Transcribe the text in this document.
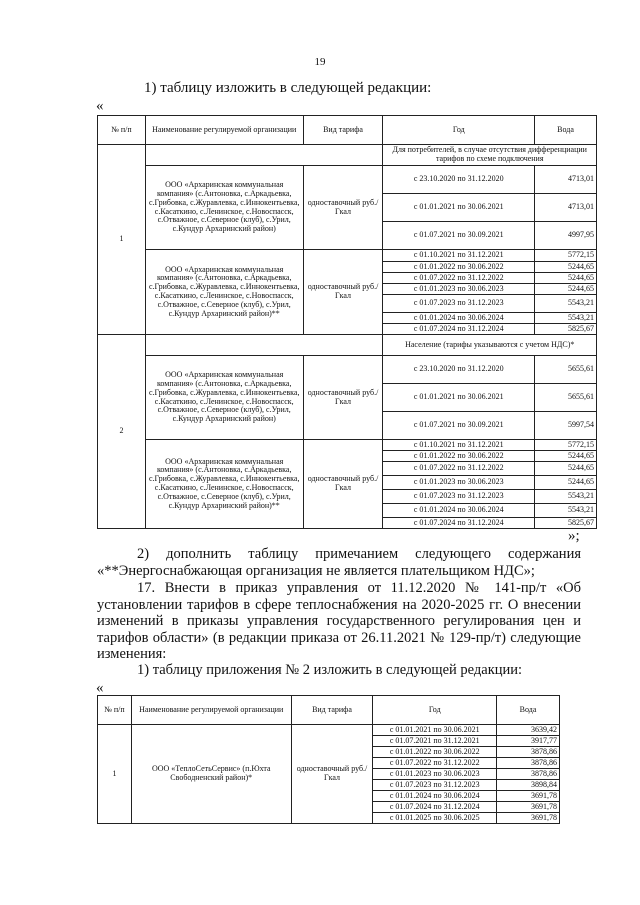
19
1) таблицу изложить в следующей редакции:
«
№ п/п	Наименование регулируемой организации	Вид тарифа	Год	Вода
1			Для потребителей, в случае отсутствия дифференциации тарифов по схеме подключения	
	ООО «Архаринская коммунальная компания» (с.Антоновка, с.Аркадьевка, с.Грибовка, с.Журавлевка, с.Иннокентьевка, с.Касаткино, с.Ленинское, с.Новоспасск, с.Отважное, с.Северное (клуб), с.Урил, с.Кундур Архаринский район)	одноставочный руб./Гкал	с 23.10.2020 по 31.12.2020	4713,01
			с 01.01.2021 по 30.06.2021	4713,01
			с 01.07.2021 по 30.09.2021	4997,95
	ООО «Архаринская коммунальная компания» (с.Антоновка, с.Аркадьевка, с.Грибовка, с.Журавлевка, с.Иннокентьевка, с.Касаткино, с.Ленинское, с.Новоспасск, с.Отважное, с.Северное (клуб), с.Урил, с.Кундур Архаринский район)**	одноставочный руб./Гкал	с 01.10.2021 по 31.12.2021	5772,15
			с 01.01.2022 по 30.06.2022	5244,65
			с 01.07.2022 по 31.12.2022	5244,65
			с 01.01.2023 по 30.06.2023	5244,65
			с 01.07.2023 по 31.12.2023	5543,21
			с 01.01.2024 по 30.06.2024	5543,21
			с 01.07.2024 по 31.12.2024	5825,67
2			Население (тарифы указываются с учетом НДС)*	
	ООО «Архаринская коммунальная компания» (с.Антоновка, с.Аркадьевка, с.Грибовка, с.Журавлевка, с.Иннокентьевка, с.Касаткино, с.Ленинское, с.Новоспасск, с.Отважное, с.Северное (клуб), с.Урил, с.Кундур Архаринский район)	одноставочный руб./Гкал	с 23.10.2020 по 31.12.2020	5655,61
			с 01.01.2021 по 30.06.2021	5655,61
			с 01.07.2021 по 30.09.2021	5997,54
	ООО «Архаринская коммунальная компания» (с.Антоновка, с.Аркадьевка, с.Грибовка, с.Журавлевка, с.Иннокентьевка, с.Касаткино, с.Ленинское, с.Новоспасск, с.Отважное, с.Северное (клуб), с.Урил, с.Кундур Архаринский район)**	одноставочный руб./Гкал	с 01.10.2021 по 31.12.2021	5772,15
			с 01.01.2022 по 30.06.2022	5244,65
			с 01.07.2022 по 31.12.2022	5244,65
			с 01.01.2023 по 30.06.2023	5244,65
			с 01.07.2023 по 31.12.2023	5543,21
			с 01.01.2024 по 30.06.2024	5543,21
			с 01.07.2024 по 31.12.2024	5825,67
»;
2) дополнить таблицу примечанием следующего содержания «**Энергоснабжающая организация не является плательщиком НДС»;
17. Внести в приказ управления от 11.12.2020 № 141-пр/т «Об установлении тарифов в сфере теплоснабжения на 2020-2025 гг. О внесении изменений в приказы управления государственного регулирования цен и тарифов области» (в редакции приказа от 26.11.2021 № 129-пр/т) следующие изменения:
1) таблицу приложения № 2 изложить в следующей редакции:
«
№ п/п	Наименование регулируемой организации	Вид тарифа	Год	Вода
1	ООО «ТеплоСетьСервис» (п.Юхта Свободненский район)*	одноставочный руб./Гкал	с 01.01.2021 по 30.06.2021	3639,42
			с 01.07.2021 по 31.12.2021	3917,77
			с 01.01.2022 по 30.06.2022	3878,86
			с 01.07.2022 по 31.12.2022	3878,86
			с 01.01.2023 по 30.06.2023	3878,86
			с 01.07.2023 по 31.12.2023	3898,84
			с 01.01.2024 по 30.06.2024	3691,78
			с 01.07.2024 по 31.12.2024	3691,78
			с 01.01.2025 по 30.06.2025	3691,78
